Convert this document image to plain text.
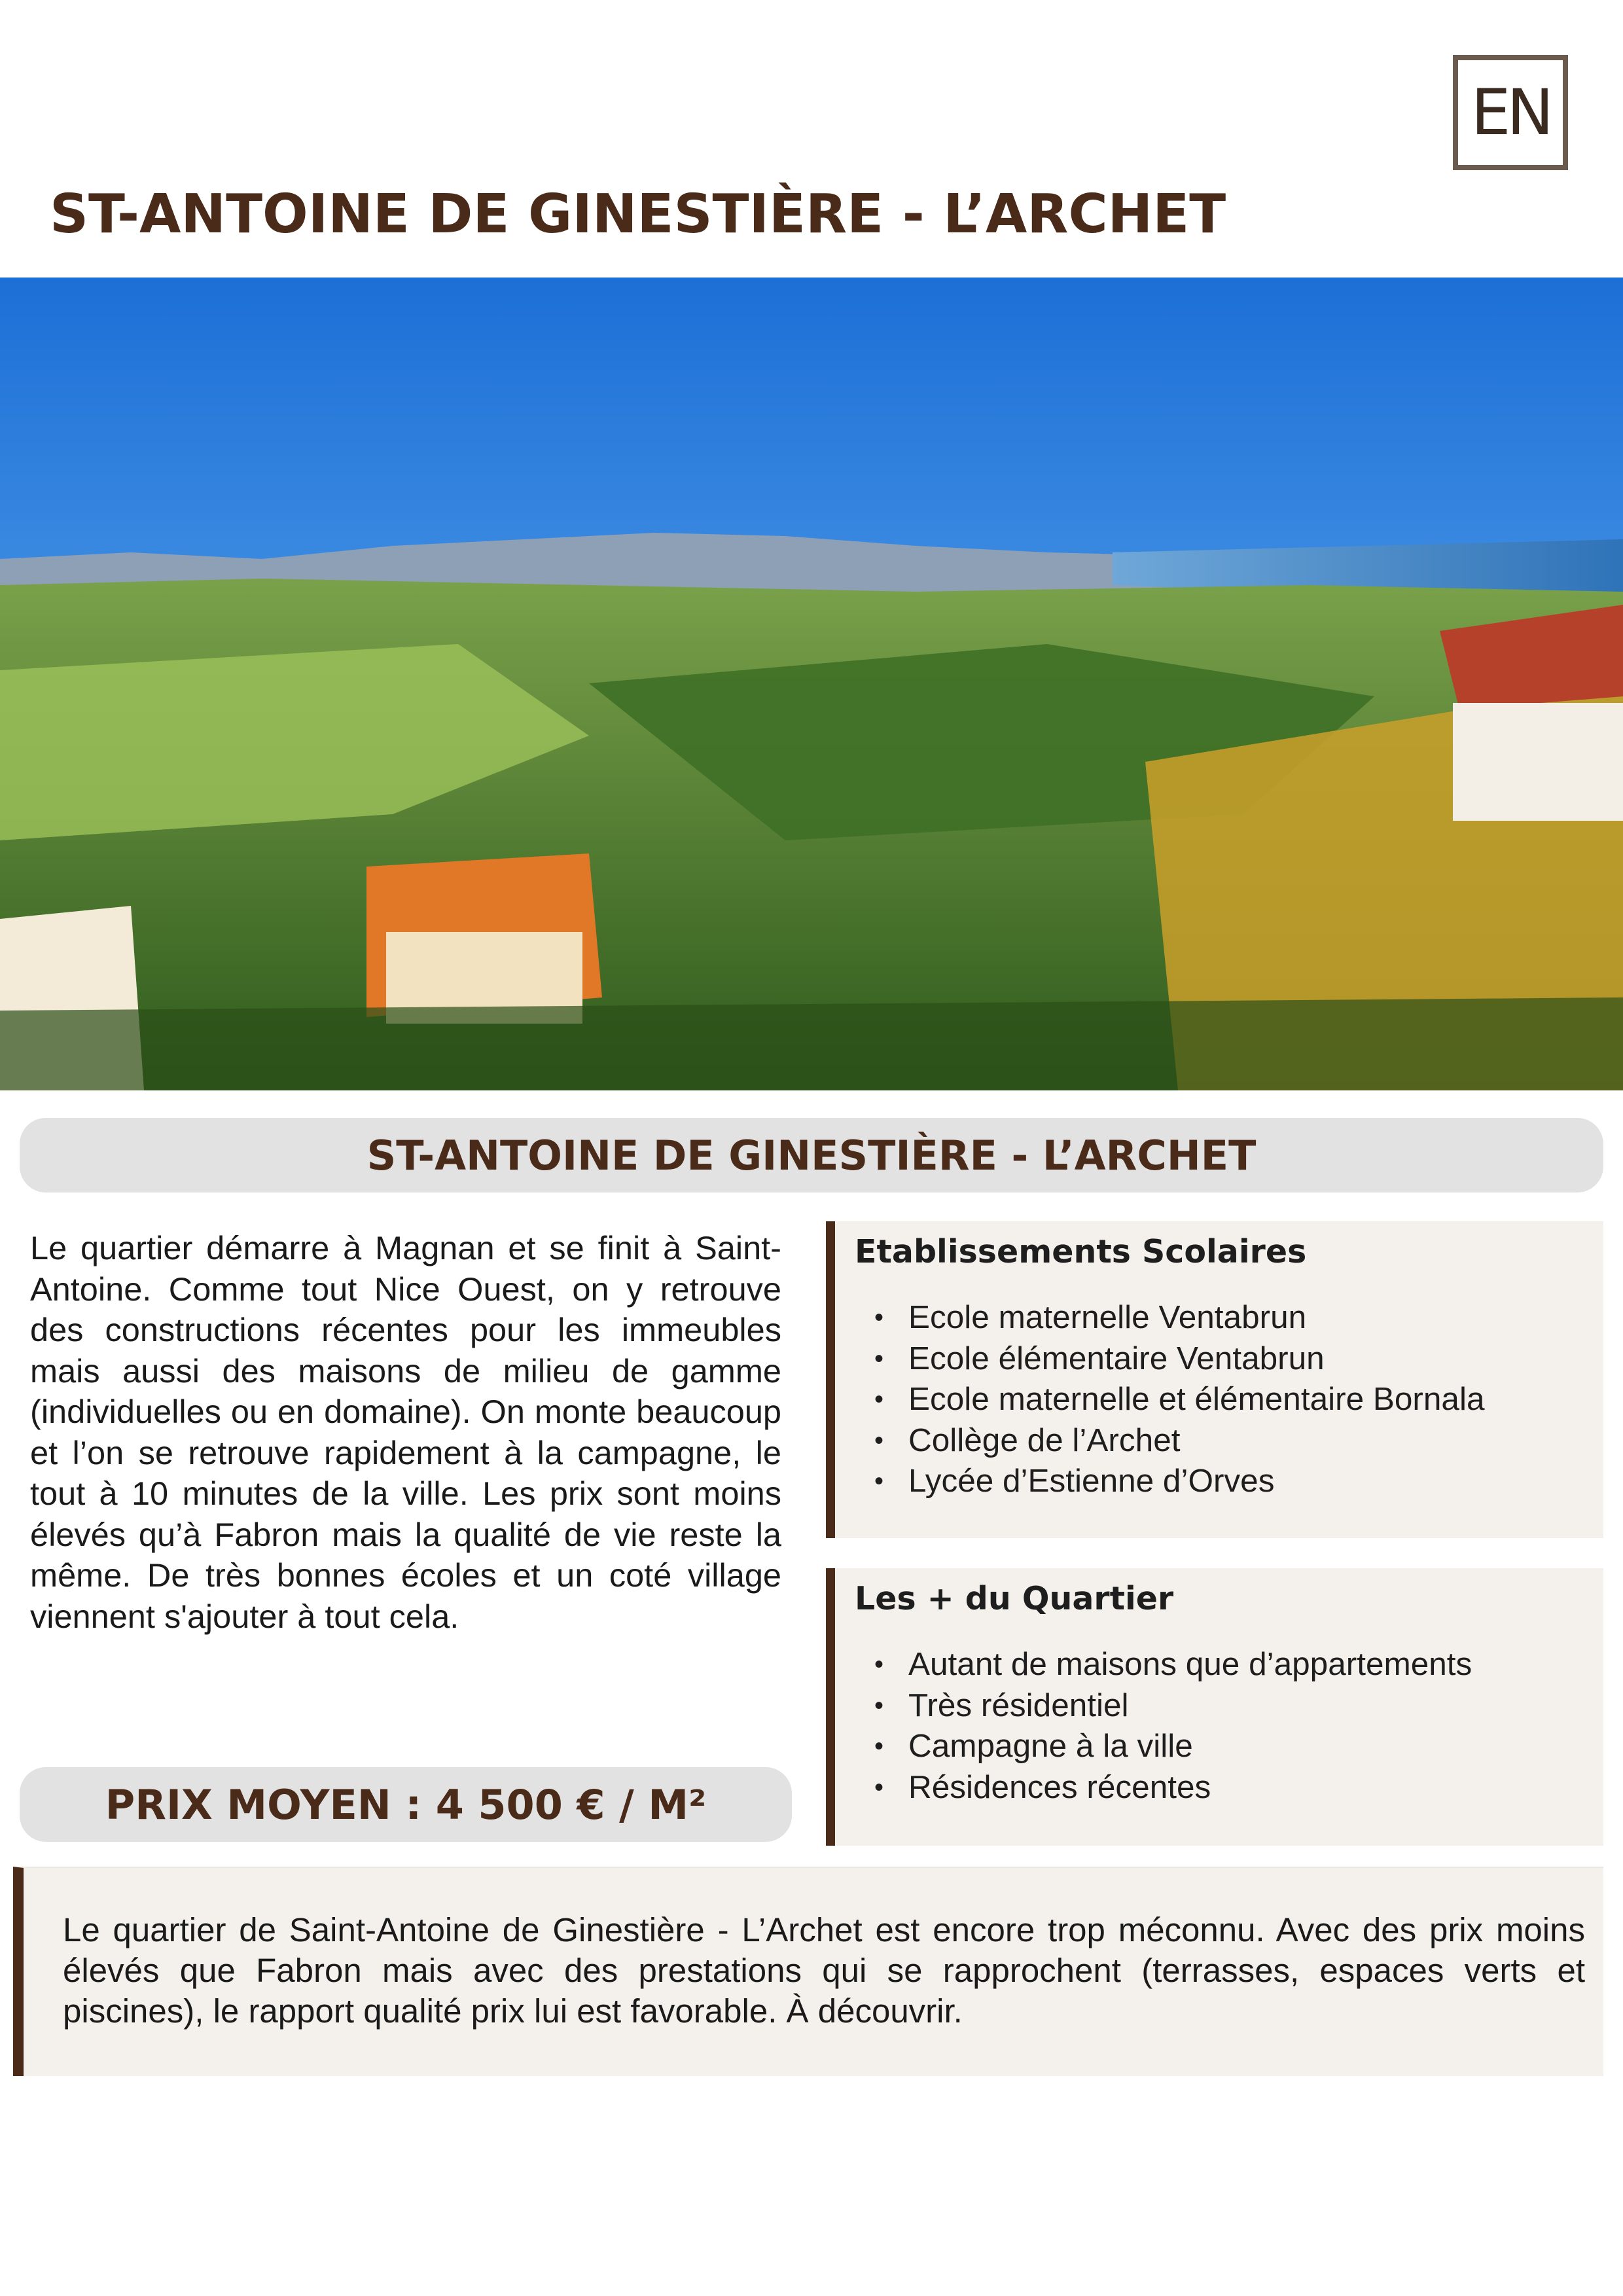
EN
ST-ANTOINE DE GINESTIÈRE - L’ARCHET
ST-ANTOINE DE GINESTIÈRE - L’ARCHET

Le quartier démarre à Magnan et se finit à Saint-Antoine. Comme tout Nice Ouest, on y retrouve des constructions récentes pour les immeubles mais aussi des maisons de milieu de gamme (individuelles ou en domaine). On monte beaucoup et l’on se retrouve rapidement à la campagne, le tout à 10 minutes de la ville. Les prix sont moins élevés qu’à Fabron mais la qualité de vie reste la même. De très bonnes écoles et un coté village viennent s'ajouter à tout cela.

PRIX MOYEN : 4 500 € / M²
Etablissements Scolaires
• Ecole maternelle Ventabrun
• Ecole élémentaire Ventabrun
• Ecole maternelle et élémentaire Bornala
• Collège de l’Archet
• Lycée d’Estienne d’Orves
Les + du Quartier
• Autant de maisons que d’appartements
• Très résidentiel
• Campagne à la ville
• Résidences récentes

Le quartier de Saint-Antoine de Ginestière - L’Archet est encore trop méconnu. Avec des prix moins élevés que Fabron mais avec des prestations qui se rapprochent (terrasses, espaces verts et piscines), le rapport qualité prix lui est favorable. À découvrir.
